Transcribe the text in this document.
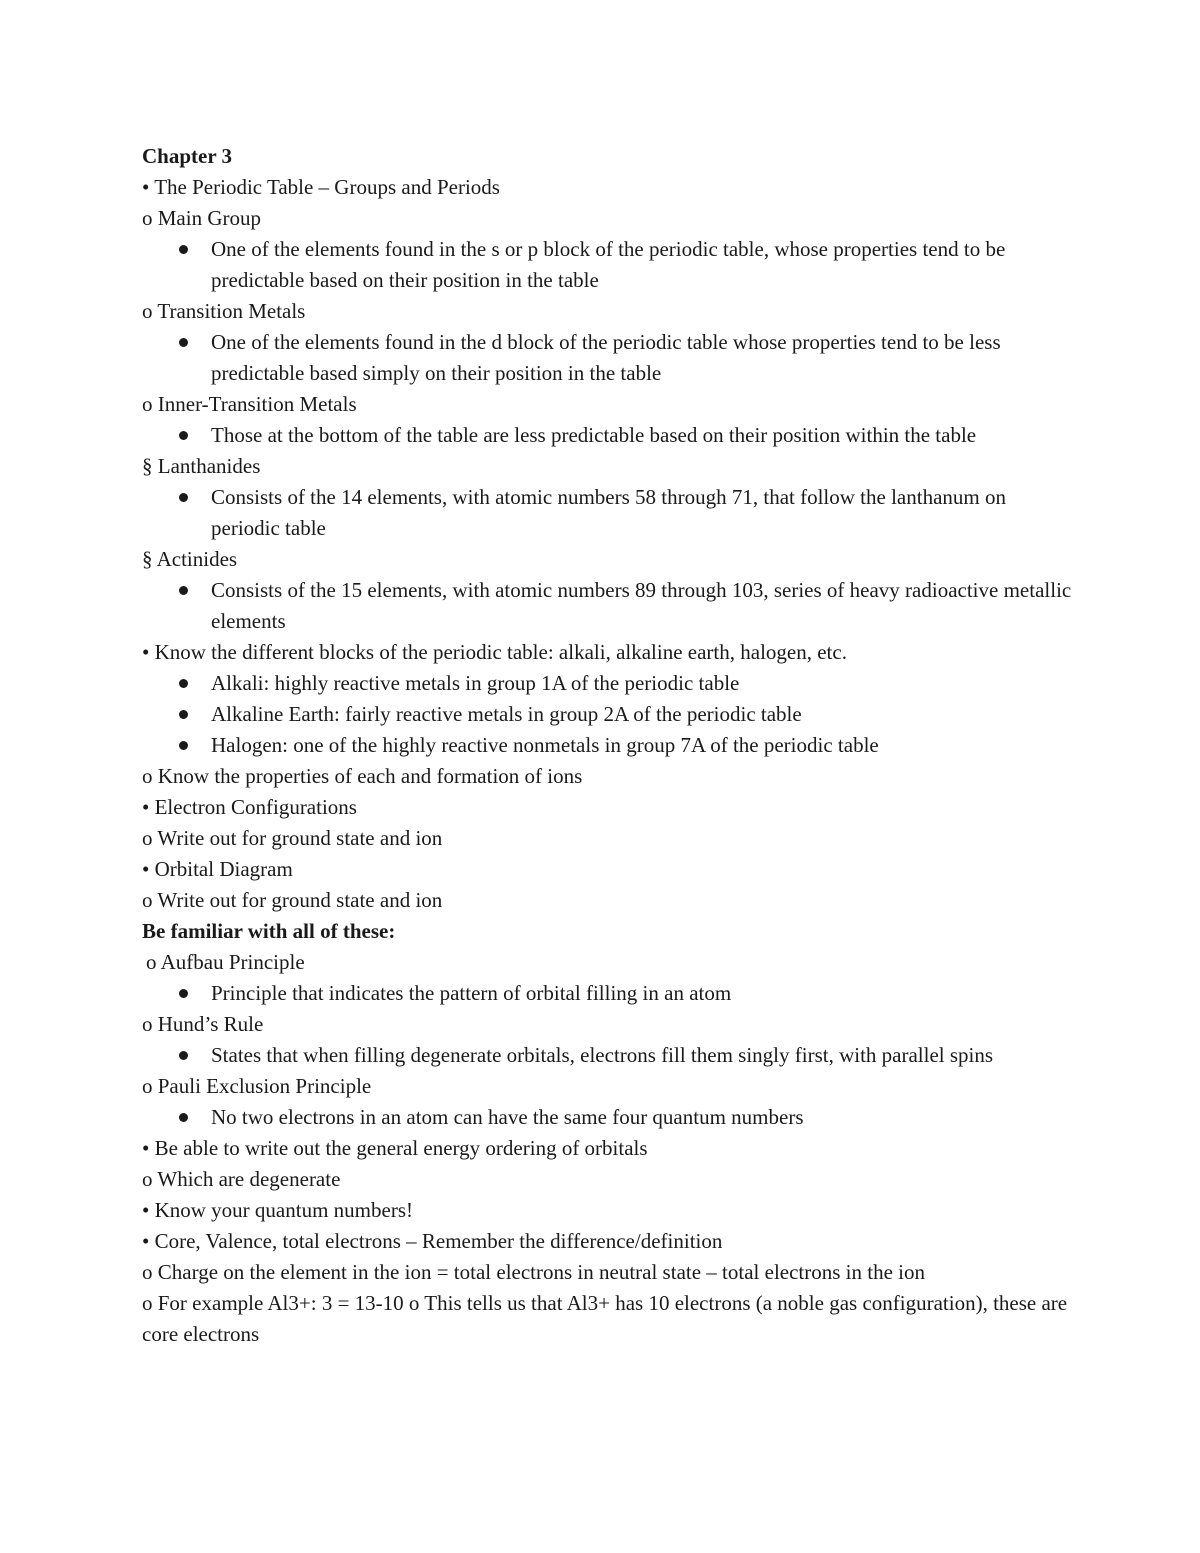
Chapter 3
• The Periodic Table – Groups and Periods
o Main Group
One of the elements found in the s or p block of the periodic table, whose properties tend to be predictable based on their position in the table
o Transition Metals
One of the elements found in the d block of the periodic table whose properties tend to be less predictable based simply on their position in the table
o Inner-Transition Metals
Those at the bottom of the table are less predictable based on their position within the table
§ Lanthanides
Consists of the 14 elements, with atomic numbers 58 through 71, that follow the lanthanum on periodic table
§ Actinides
Consists of the 15 elements, with atomic numbers 89 through 103, series of heavy radioactive metallic elements
• Know the different blocks of the periodic table: alkali, alkaline earth, halogen, etc.
Alkali: highly reactive metals in group 1A of the periodic table
Alkaline Earth: fairly reactive metals in group 2A of the periodic table
Halogen: one of the highly reactive nonmetals in group 7A of the periodic table
o Know the properties of each and formation of ions
• Electron Configurations
o Write out for ground state and ion
• Orbital Diagram
o Write out for ground state and ion
Be familiar with all of these:
o Aufbau Principle
Principle that indicates the pattern of orbital filling in an atom
o Hund’s Rule
States that when filling degenerate orbitals, electrons fill them singly first, with parallel spins
o Pauli Exclusion Principle
No two electrons in an atom can have the same four quantum numbers
• Be able to write out the general energy ordering of orbitals
o Which are degenerate
• Know your quantum numbers!
• Core, Valence, total electrons – Remember the difference/definition
o Charge on the element in the ion = total electrons in neutral state – total electrons in the ion
o For example Al3+: 3 = 13-10 o This tells us that Al3+ has 10 electrons (a noble gas configuration), these are core electrons
